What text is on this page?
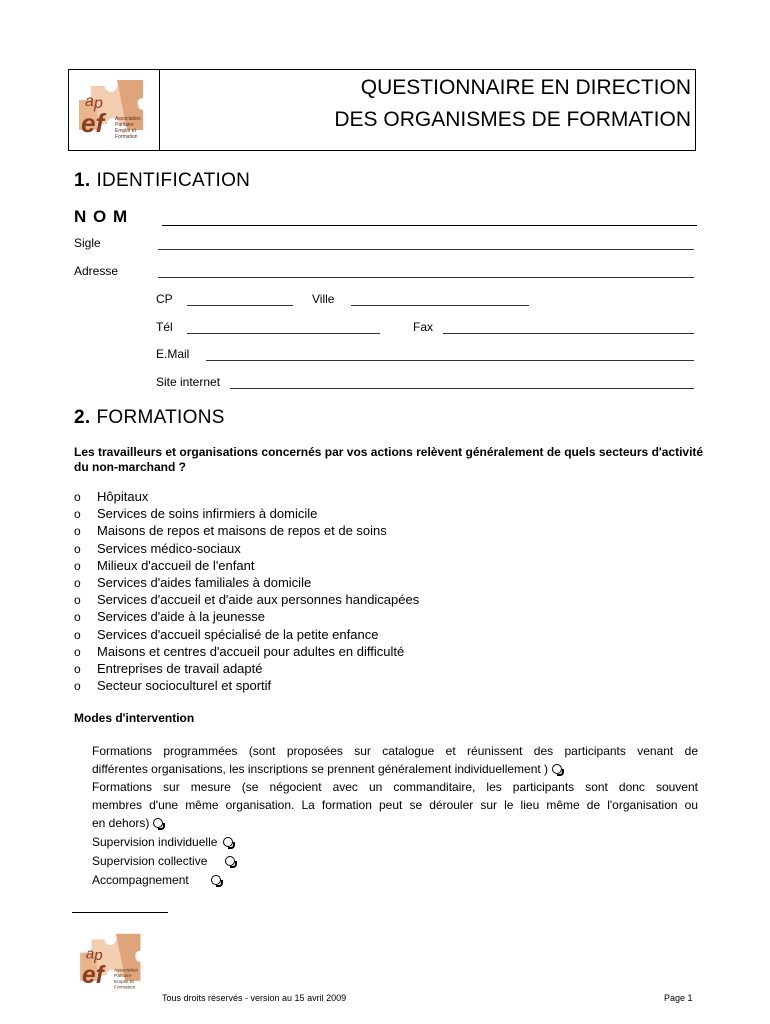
a p
ef	Association
Paritaire
Emploi et
Formation
QUESTIONNAIRE EN DIRECTION
DES ORGANISMES DE FORMATION
1. IDENTIFICATION
N O M
Sigle
Adresse
CP	Ville
Tél	Fax
E.Mail
Site internet
2. FORMATIONS
Les travailleurs et organisations concernés par vos actions relèvent généralement de quels secteurs d'activité du non-marchand ?
o Hôpitaux
o Services de soins infirmiers à domicile
o Maisons de repos et maisons de repos et de soins
o Services médico-sociaux
o Milieux d'accueil de l'enfant
o Services d'aides familiales à domicile
o Services d'accueil et d'aide aux personnes handicapées
o Services d'aide à la jeunesse
o Services d'accueil spécialisé de la petite enfance
o Maisons et centres d'accueil pour adultes en difficulté
o Entreprises de travail adapté
o Secteur socioculturel et sportif
Modes d'intervention
Formations programmées (sont proposées sur catalogue et réunissent des participants venant de
différentes organisations, les inscriptions se prennent généralement individuellement )
Formations sur mesure (se négocient avec un commanditaire, les participants sont donc souvent
membres d'une même organisation. La formation peut se dérouler sur le lieu même de l'organisation ou
en dehors)
Supervision individuelle
Supervision collective
Accompagnement
a p
ef	Association
Paritaire
Emploi et
Formation
Tous droits réservés - version au 15 avril 2009	Page 1
